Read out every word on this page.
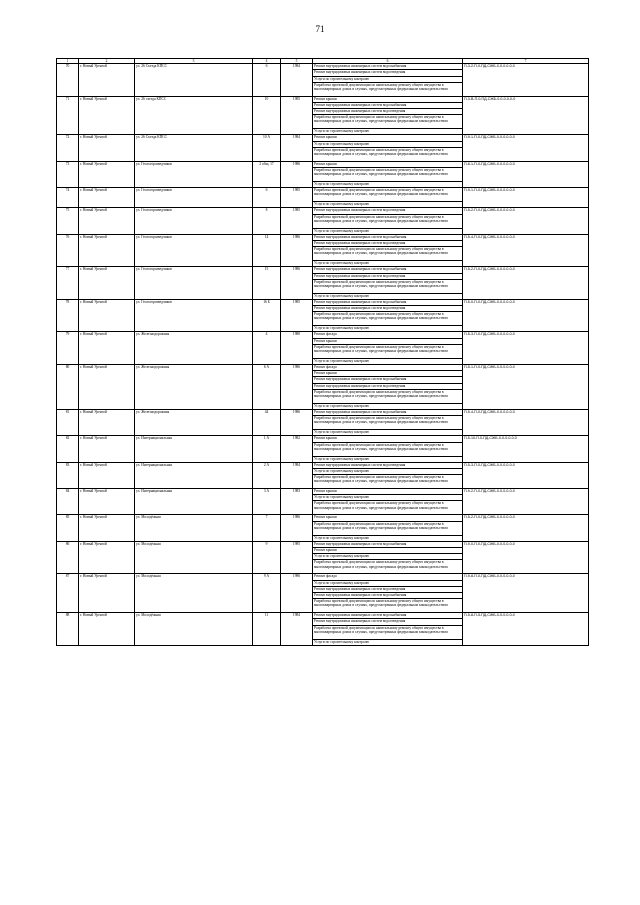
71
1	2	3	4	5	6	7
70	г. Новый Уренгой	ул. 26 Съезда КПСС	6	1984	Ремонт внутридомовых инженерных систем водоснабжения	П-3-2-П-0-ПД-СЖБ-0-0-0-0-0-0
					Ремонт внутридомовых инженерных систем водоотведения	
					Услуги по строительному контролю	
					Разработка проектной документации по капитальному ремонту общего имущества в многоквартирных домах в случаях, предусмотренных федеральным законодательством	
71	г. Новый Уренгой	ул. 26 съезда КПСС	10	1985	Ремонт крыши	П-3-В-П-0-ПД-СЖБ-0-0-0-0-0-0
					Ремонт внутридомовых инженерных систем водоснабжения	
					Ремонт внутридомовых инженерных систем водоотведения	
					Разработка проектной документации по капитальному ремонту общего имущества в многоквартирных домах в случаях, предусмотренных федеральным законодательством	
					Услуги по строительному контролю	
72	г. Новый Уренгой	ул. 26 Съезда КПСС	10 А	1984	Ремонт крыши	П-9-1-П-0-ПД-СЖБ-0-0-0-0-0-0
					Услуги по строительному контролю	
					Разработка проектной документации по капитальному ремонту общего имущества в многоквартирных домах в случаях, предусмотренных федеральным законодательством	
73	г. Новый Уренгой	ул. Геологоразведчиков	2 общ. 17	1986	Ремонт крыши	П-8-1-П-0-ПД-СЖБ-0-0-0-0-0-0
					Разработка проектной документации по капитальному ремонту общего имущества в многоквартирных домах в случаях, предусмотренных федеральным законодательством	
					Услуги по строительному контролю	
74	г. Новый Уренгой	ул. Геологоразведчиков	6	1985	Разработка проектной документации по капитальному ремонту общего имущества в многоквартирных домах в случаях, предусмотренных федеральным законодательством	П-9-1-П-0-ПД-СЖБ-0-0-0-0-0-0
					Услуги по строительному контролю	
75	г. Новый Уренгой	ул. Геологоразведчиков	8	1985	Ремонт внутридомовых инженерных систем водоотведения	П-5-2-П-0-ПД-СЖБ-0-0-0-0-0-0
					Разработка проектной документации по капитальному ремонту общего имущества в многоквартирных домах в случаях, предусмотренных федеральным законодательством	
					Услуги по строительному контролю	
76	г. Новый Уренгой	ул. Геологоразведчиков	14	1986	Ремонт внутридомовых инженерных систем водоснабжения	П-5-4-П-0-ПД-СЖБ-0-0-0-0-0-0
					Ремонт внутридомовых инженерных систем водоотведения	
					Разработка проектной документации по капитальному ремонту общего имущества в многоквартирных домах в случаях, предусмотренных федеральным законодательством	
					Услуги по строительному контролю	
77	г. Новый Уренгой	ул. Геологоразведчиков	15	1986	Ремонт внутридомовых инженерных систем водоснабжения	П-5-2-П-0-ПД-СЖБ-0-0-0-0-0-0
					Ремонт внутридомовых инженерных систем водоотведения	
					Разработка проектной документации по капитальному ремонту общего имущества в многоквартирных домах в случаях, предусмотренных федеральным законодательством	
					Услуги по строительному контролю	
78	г. Новый Уренгой	ул. Геологоразведчиков	16 Б	1985	Ремонт внутридомовых инженерных систем водоснабжения	П-5-0-П-0-ПД-СЖБ-0-0-0-0-0-0
					Ремонт внутридомовых инженерных систем водоотведения	
					Разработка проектной документации по капитальному ремонту общего имущества в многоквартирных домах в случаях, предусмотренных федеральным законодательством	
					Услуги по строительному контролю	
79	г. Новый Уренгой	ул. Железнодорожная	4	1980	Ремонт фасада	П-5-3-П-0-ПД-СЖБ-0-0-0-0-0-0
					Ремонт крыши	
					Разработка проектной документации по капитальному ремонту общего имущества в многоквартирных домах в случаях, предусмотренных федеральным законодательством	
					Услуги по строительному контролю	
80	г. Новый Уренгой	ул. Железнодорожная	6 А	1986	Ремонт фасада	П-5-1-П-0-ПД-СЖБ-0-0-0-0-0-0
					Ремонт крыши	
					Ремонт внутридомовых инженерных систем водоснабжения	
					Ремонт внутридомовых инженерных систем водоотведения	
					Разработка проектной документации по капитальному ремонту общего имущества в многоквартирных домах в случаях, предусмотренных федеральным законодательством	
					Услуги по строительному контролю	
81	г. Новый Уренгой	ул. Железнодорожная	44	1986	Ремонт внутридомовых инженерных систем водоснабжения	П-5-4-П-0-ПД-СЖБ-0-0-0-0-0-0
					Разработка проектной документации по капитальному ремонту общего имущества в многоквартирных домах в случаях, предусмотренных федеральным законодательством	
					Услуги по строительному контролю	
82	г. Новый Уренгой	ул. Интернациональная	1 А	1982	Ремонт крыши	П-5-10-П-0-ПД-СЖБ-0-0-0-0-0-0
					Разработка проектной документации по капитальному ремонту общего имущества в многоквартирных домах в случаях, предусмотренных федеральным законодательством	
					Услуги по строительному контролю	
83	г. Новый Уренгой	ул. Интернациональная	2 А	1984	Ремонт внутридомовых инженерных систем водоотведения	П-5-3-П-0-ПД-СЖБ-0-0-0-0-0-0
					Услуги по строительному контролю	
					Разработка проектной документации по капитальному ремонту общего имущества в многоквартирных домах в случаях, предусмотренных федеральным законодательством	
84	г. Новый Уренгой	ул. Интернациональная	3 А	1983	Ремонт крыши	П-9-2-П-0-ПД-СЖБ-0-0-0-0-0-0
					Услуги по строительному контролю	
					Разработка проектной документации по капитальному ремонту общего имущества в многоквартирных домах в случаях, предусмотренных федеральным законодательством	
85	г. Новый Уренгой	ул. Молодёжная	7	1986	Ремонт крыши	П-5-2-П-0-ПД-СЖБ-0-0-0-0-0-0
					Разработка проектной документации по капитальному ремонту общего имущества в многоквартирных домах в случаях, предусмотренных федеральным законодательством	
					Услуги по строительному контролю	
86	г. Новый Уренгой	ул. Молодёжная	9	1985	Ремонт внутридомовых инженерных систем водоснабжения	П-9-0-П-0-ПД-СЖБ-0-0-0-0-0-0
					Ремонт крыши	
					Услуги по строительному контролю	
					Разработка проектной документации по капитальному ремонту общего имущества в многоквартирных домах в случаях, предусмотренных федеральным законодательством	
87	г. Новый Уренгой	ул. Молодёжная	9 А	1986	Ремонт фасада	П-9-8-П-0-ПД-СЖБ-0-0-0-0-0-0
					Услуги по строительному контролю	
					Ремонт внутридомовых инженерных систем водоотведения	
					Ремонт внутридомовых инженерных систем водоснабжения	
					Разработка проектной документации по капитальному ремонту общего имущества в многоквартирных домах в случаях, предусмотренных федеральным законодательством	
88	г. Новый Уренгой	ул. Молодёжная	11	1984	Ремонт внутридомовых инженерных систем водоснабжения	П-5-8-П-5-ПД-СЖБ-0-0-0-0-0-0
					Ремонт внутридомовых инженерных систем водоотведения	
					Разработка проектной документации по капитальному ремонту общего имущества в многоквартирных домах в случаях, предусмотренных федеральным законодательством	
					Услуги по строительному контролю	
